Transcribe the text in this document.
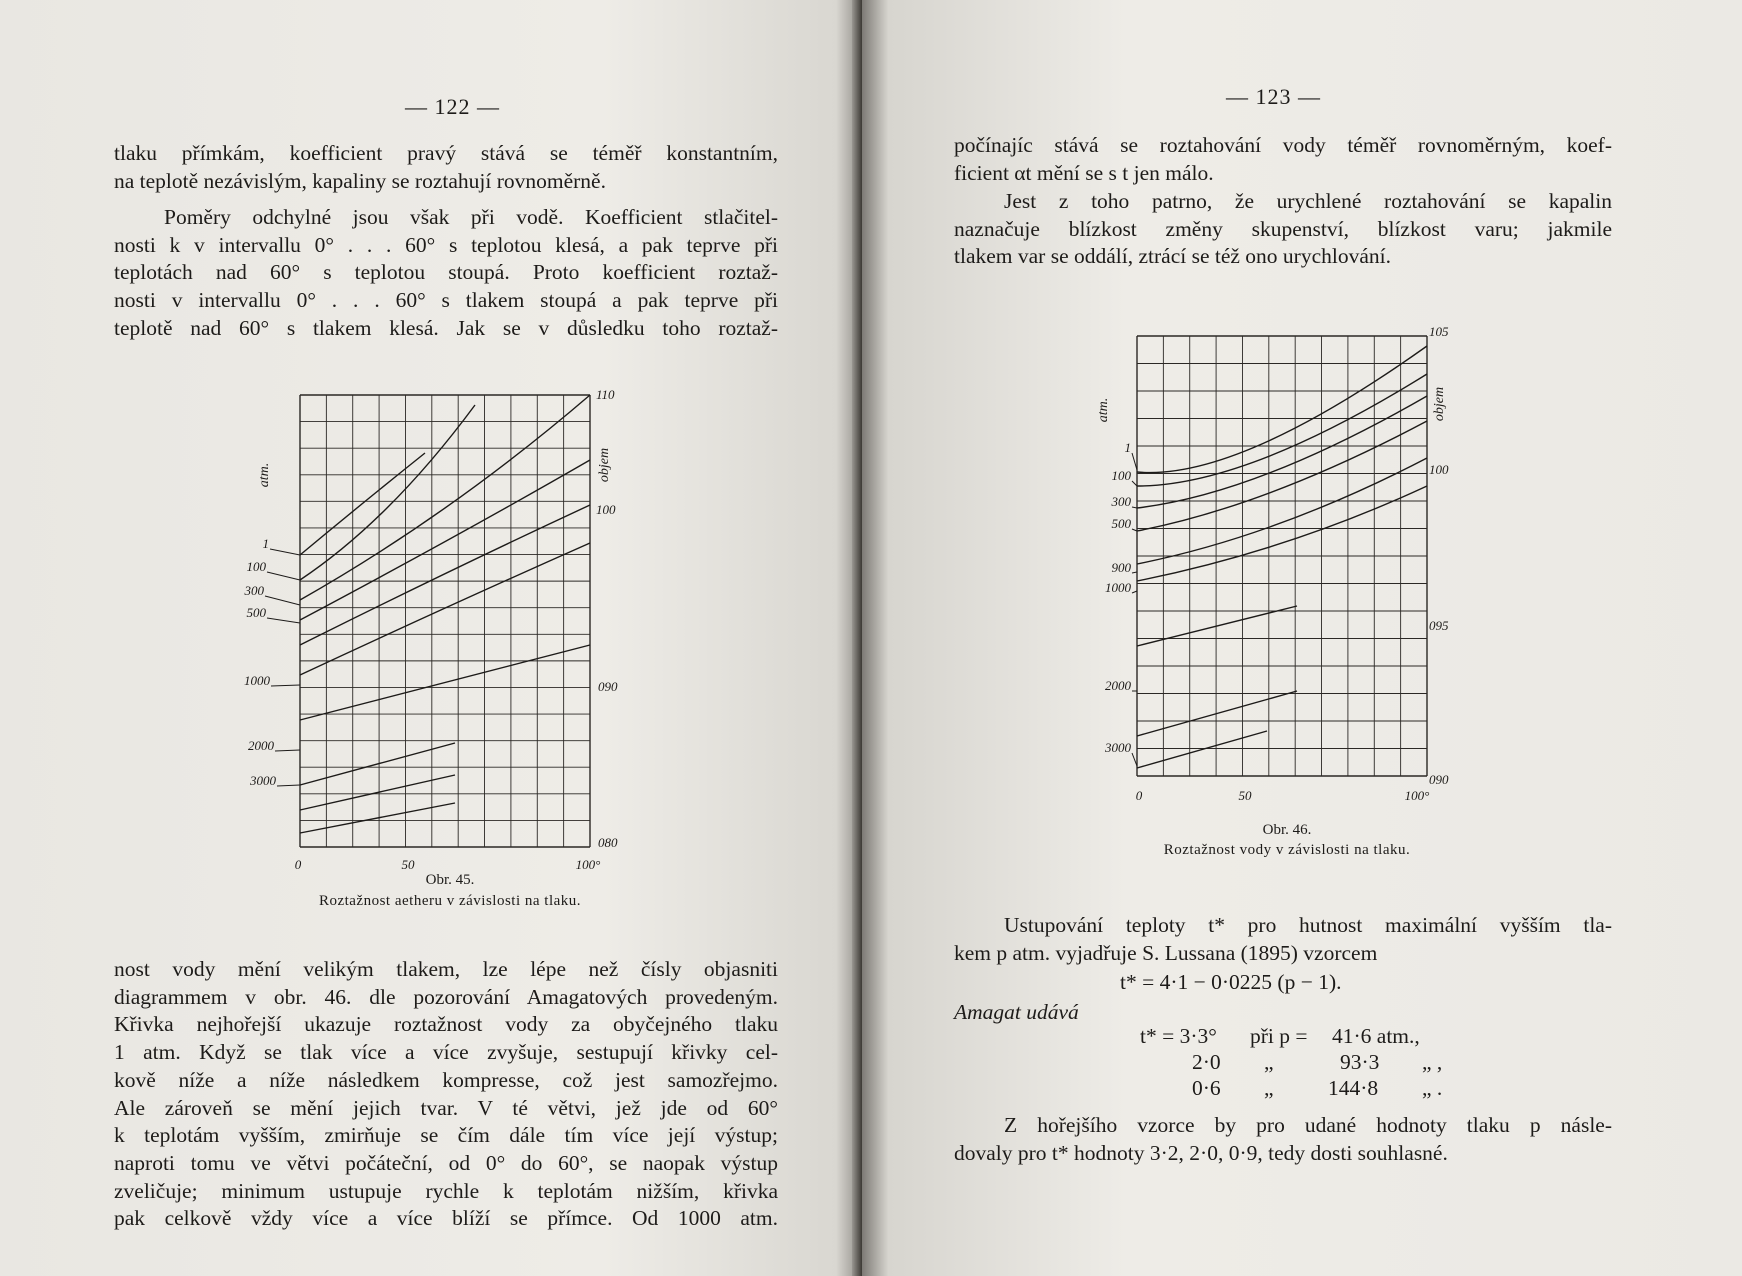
— 122 —
tlaku přímkám, koefficient pravý stává se téměř konstantním,
na teplotě nezávislým, kapaliny se roztahují rovnoměrně.
Poměry odchylné jsou však při vodě. Koefficient stlačitel-
nosti k v intervallu 0° . . . 60° s teplotou klesá, a pak teprve při
teplotách nad 60° s teplotou stoupá. Proto koefficient roztaž-
nosti v intervallu 0° . . . 60° s tlakem stoupá a pak teprve při
teplotě nad 60° s tlakem klesá. Jak se v důsledku toho roztaž-
1
100
300
500
1000
2000
3000
110
100
090
080
0	50	100°
atm.	objem
Obr. 45.
Roztažnost aetheru v závislosti na tlaku.
nost vody mění velikým tlakem, lze lépe než čísly objasniti
diagrammem v obr. 46. dle pozorování Amagatových provedeným.
Křivka nejhořejší ukazuje roztažnost vody za obyčejného tlaku
1 atm. Když se tlak více a více zvyšuje, sestupují křivky cel-
kově níže a níže následkem kompresse, což jest samozřejmo.
Ale zároveň se mění jejich tvar. V té větvi, jež jde od 60°
k teplotám vyšším, zmirňuje se čím dále tím více její výstup;
naproti tomu ve větvi počáteční, od 0° do 60°, se naopak výstup
zveličuje; minimum ustupuje rychle k teplotám nižším, křivka
pak celkově vždy více a více blíží se přímce. Od 1000 atm.
— 123 —
počínajíc stává se roztahování vody téměř rovnoměrným, koef-
ficient αt mění se s t jen málo.
Jest z toho patrno, že urychlené roztahování se kapalin
naznačuje blízkost změny skupenství, blízkost varu; jakmile
tlakem var se oddálí, ztrácí se též ono urychlování.
1
100
300
500
900
1000
2000
3000
105
100
095
090
0	50	100°
atm.	objem
Obr. 46.
Roztažnost vody v závislosti na tlaku.
Ustupování teploty t* pro hutnost maximální vyšším tla-
kem p atm. vyjadřuje S. Lussana (1895) vzorcem
t* = 4·1 − 0·0225 (p − 1).
Amagat udává
t* = 3·3° při p = 41·6 atm.,
2·0 „	93·3 „ ,
0·6 „	144·8 „ .
Z hořejšího vzorce by pro udané hodnoty tlaku p násle-
dovaly pro t* hodnoty 3·2, 2·0, 0·9, tedy dosti souhlasné.
